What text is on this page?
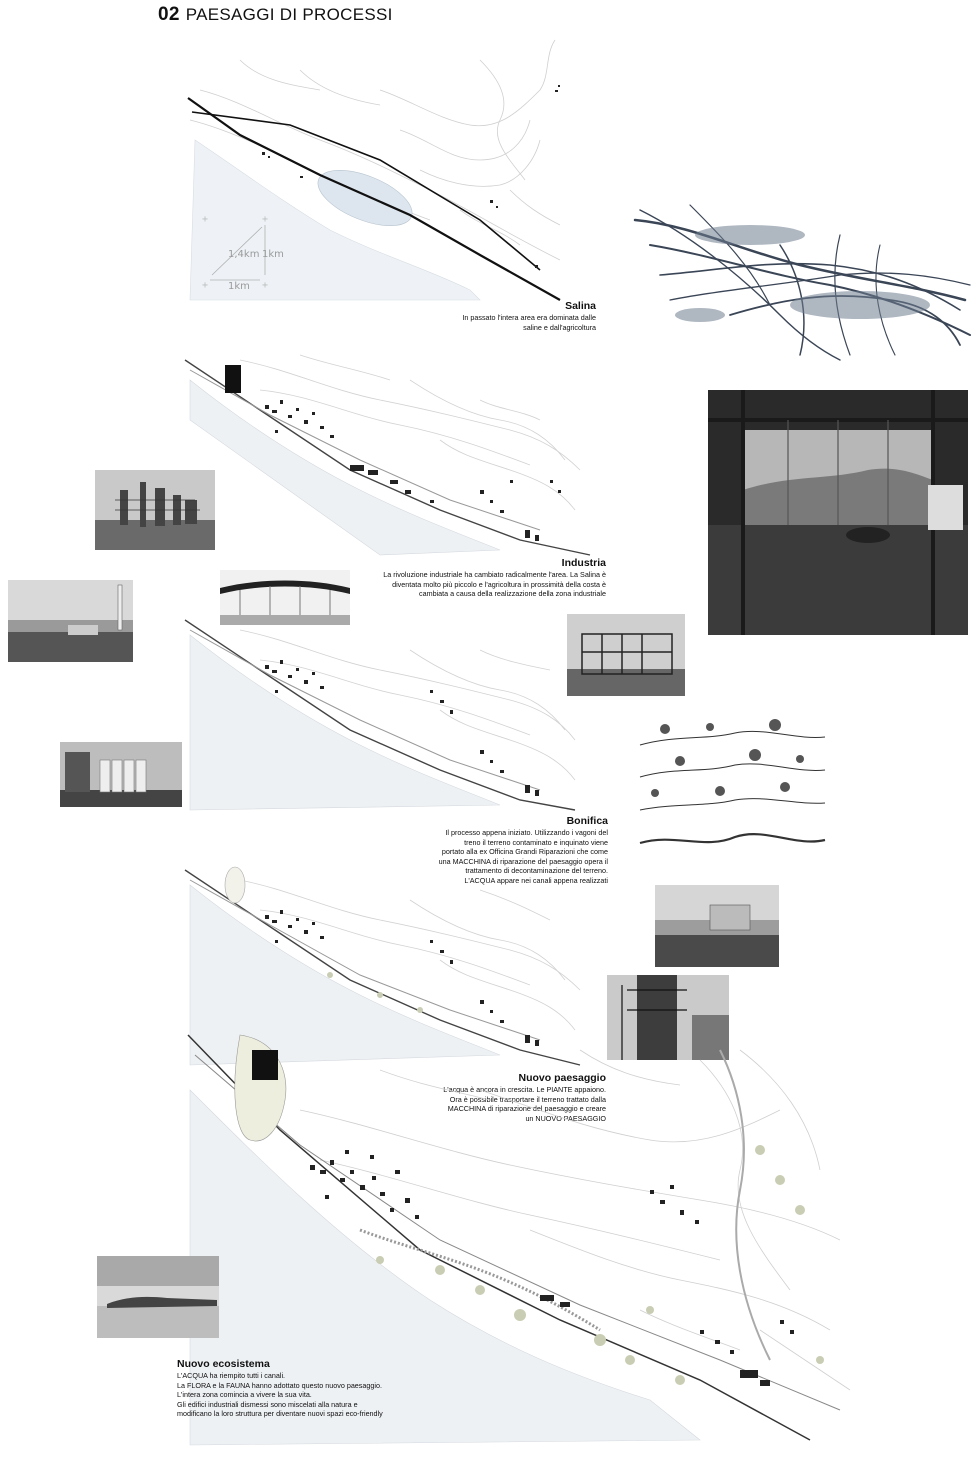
02 PAESAGGI DI PROCESSI
1,4km 1km
1km
+	+
+	+
Salina
In passato l'intera area era dominata dalle
saline e dall'agricoltura
Industria
La rivoluzione industriale ha cambiato radicalmente l'area. La Salina è
diventata molto più piccolo e l'agricoltura in prossimità della costa è
cambiata a causa della realizzazione della zona industriale
Bonifica
Il processo appena iniziato. Utilizzando i vagoni del
treno il terreno contaminato e inquinato viene
portato alla ex Officina Grandi Riparazioni che come
una MACCHINA di riparazione del paesaggio opera il
trattamento di decontaminazione del terreno.
L'ACQUA appare nei canali appena realizzati
Nuovo paesaggio
L'acqua è ancora in crescita. Le PIANTE appaiono.
Ora è possibile trasportare il terreno trattato dalla
MACCHINA di riparazione del paesaggio e creare
un NUOVO PAESAGGIO
Nuovo ecosistema
L'ACQUA ha riempito tutti i canali.
La FLORA e la FAUNA hanno adottato questo nuovo paesaggio.
L'intera zona comincia a vivere la sua vita.
Gli edifici industriali dismessi sono miscelati alla natura e
modificano la loro struttura per diventare nuovi spazi eco-friendly
